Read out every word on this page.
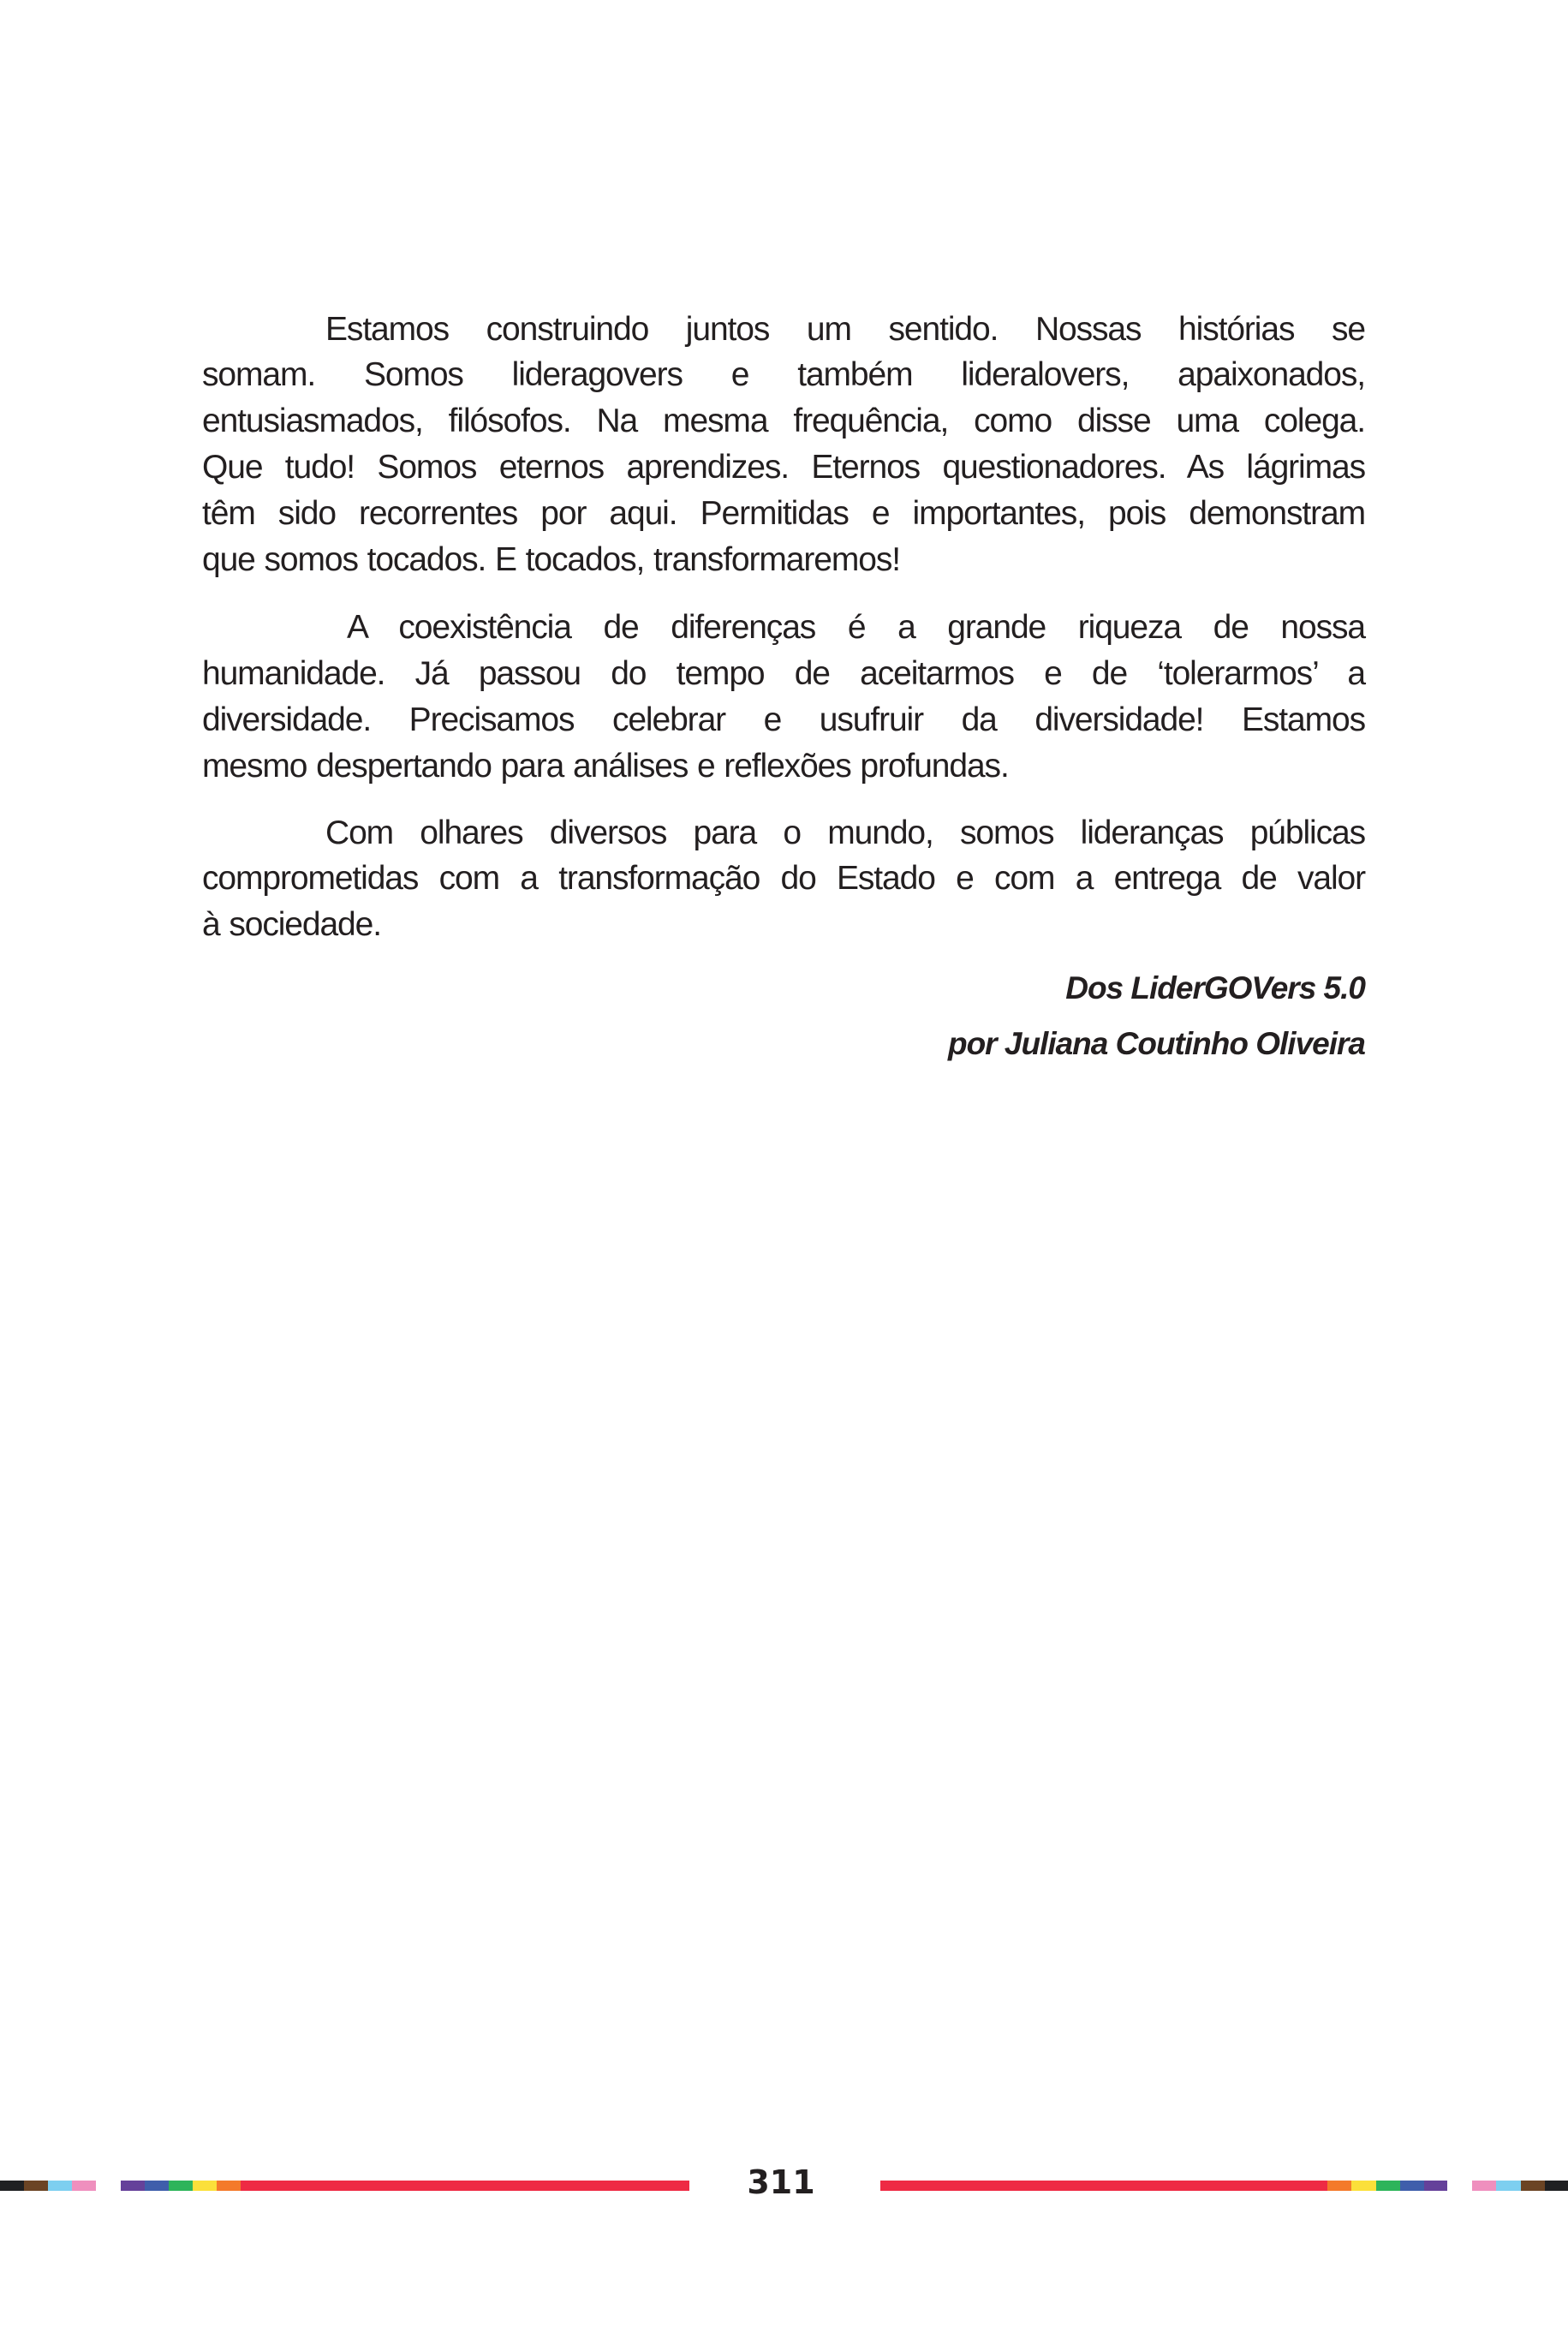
Estamos construindo juntos um sentido. Nossas histórias se
somam. Somos lideragovers e também lideralovers, apaixonados,
entusiasmados, filósofos. Na mesma frequência, como disse uma colega.
Que tudo! Somos eternos aprendizes. Eternos questionadores. As lágrimas
têm sido recorrentes por aqui. Permitidas e importantes, pois demonstram
que somos tocados. E tocados, transformaremos!
A coexistência de diferenças é a grande riqueza de nossa
humanidade. Já passou do tempo de aceitarmos e de ‘tolerarmos’ a
diversidade. Precisamos celebrar e usufruir da diversidade! Estamos
mesmo despertando para análises e reflexões profundas.
Com olhares diversos para o mundo, somos lideranças públicas
comprometidas com a transformação do Estado e com a entrega de valor
à sociedade.
Dos LiderGOVers 5.0
por Juliana Coutinho Oliveira
311
